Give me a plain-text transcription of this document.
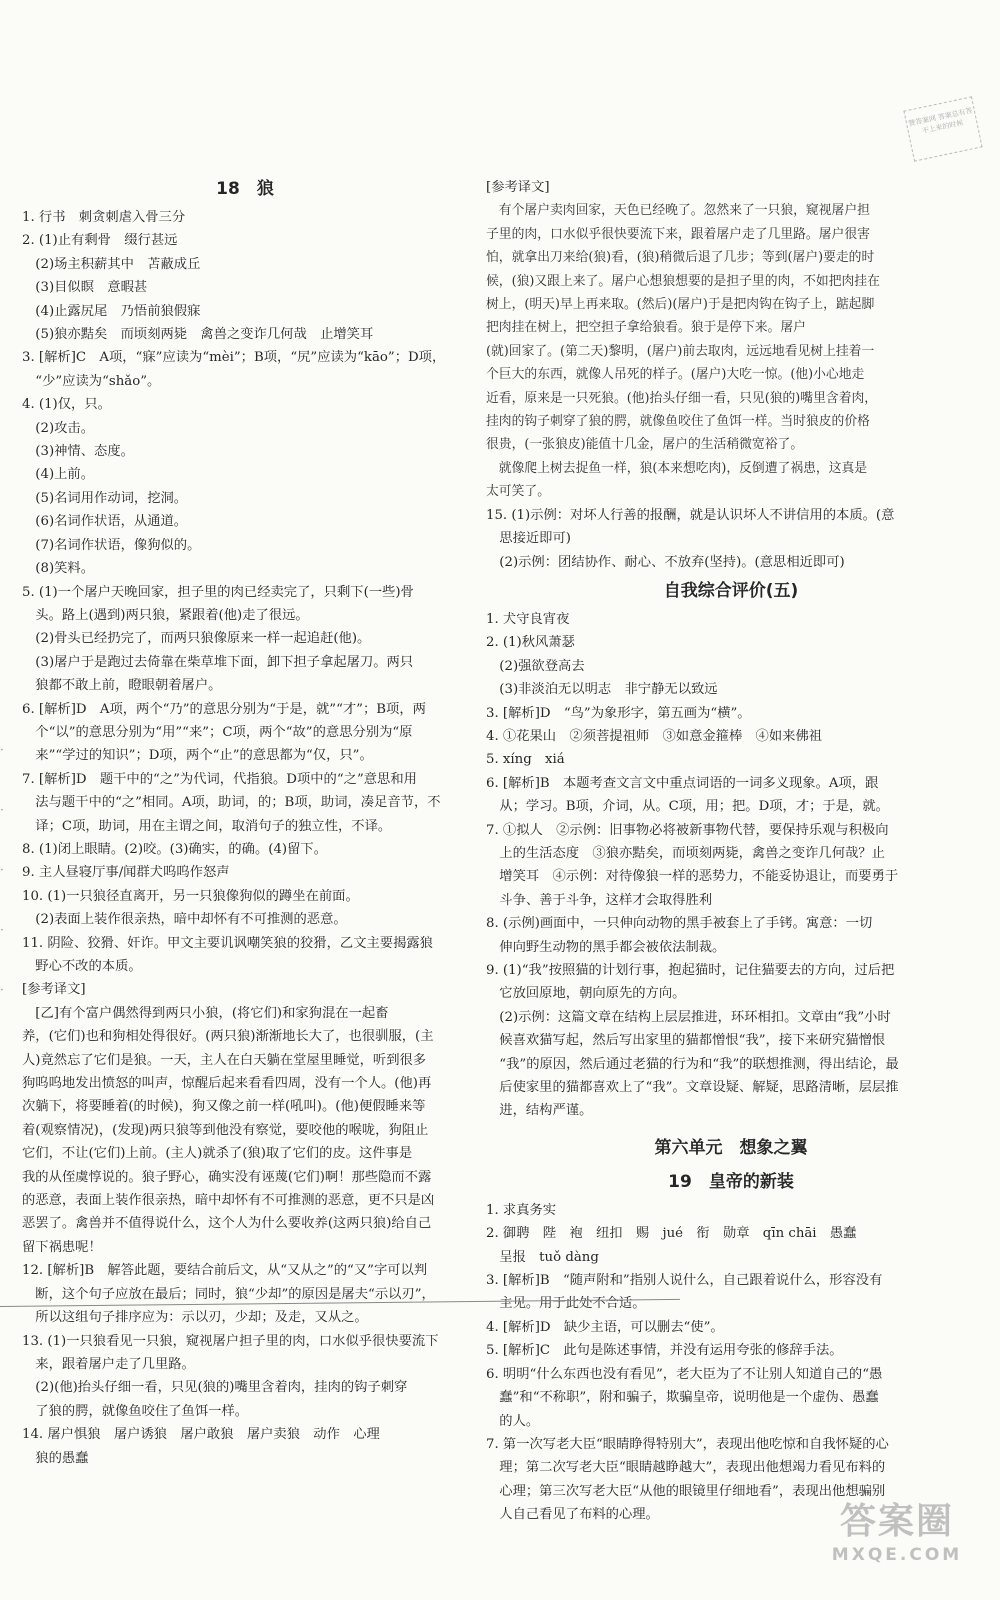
赞答案网 答案总有答不上来的时候
·
·
·
·
·
18　狼

1. 行书　刺贪刺虐入骨三分

2. (1)止有剩骨　缀行甚远

　(2)场主积薪其中　苫蔽成丘

　(3)目似瞑　意暇甚

　(4)止露尻尾　乃悟前狼假寐

　(5)狼亦黠矣　而顷刻两毙　禽兽之变诈几何哉　止增笑耳

3. [解析]C　A项，“寐”应读为“mèi”；B项，“尻”应读为“kāo”；D项，

　“少”应读为“shǎo”。

4. (1)仅，只。

　(2)攻击。

　(3)神情、态度。

　(4)上前。

　(5)名词用作动词，挖洞。

　(6)名词作状语，从通道。

　(7)名词作状语，像狗似的。

　(8)笑料。

5. (1)一个屠户天晚回家，担子里的肉已经卖完了，只剩下(一些)骨

　头。路上(遇到)两只狼，紧跟着(他)走了很远。

　(2)骨头已经扔完了，而两只狼像原来一样一起追赶(他)。

　(3)屠户于是跑过去倚靠在柴草堆下面，卸下担子拿起屠刀。两只

　狼都不敢上前，瞪眼朝着屠户。

6. [解析]D　A项，两个“乃”的意思分别为“于是，就”“才”；B项，两

　个“以”的意思分别为“用”“来”；C项，两个“故”的意思分别为“原

　来”“学过的知识”；D项，两个“止”的意思都为“仅，只”。

7. [解析]D　题干中的“之”为代词，代指狼。D项中的“之”意思和用

　法与题干中的“之”相同。A项，助词，的；B项，助词，凑足音节，不

　译；C项，助词，用在主谓之间，取消句子的独立性，不译。

8. (1)闭上眼睛。(2)咬。(3)确实，的确。(4)留下。

9. 主人昼寝厅事/闻群犬呜呜作怒声

10. (1)一只狼径直离开，另一只狼像狗似的蹲坐在前面。

　(2)表面上装作很亲热，暗中却怀有不可推测的恶意。

11. 阴险、狡猾、奸诈。甲文主要讥讽嘲笑狼的狡猾，乙文主要揭露狼

　野心不改的本质。

[参考译文]

　[乙]有个富户偶然得到两只小狼，(将它们)和家狗混在一起畜

养，(它们)也和狗相处得很好。(两只狼)渐渐地长大了，也很驯服，(主

人)竟然忘了它们是狼。一天，主人在白天躺在堂屋里睡觉，听到很多

狗呜呜地发出愤怒的叫声，惊醒后起来看看四周，没有一个人。(他)再

次躺下，将要睡着(的时候)，狗又像之前一样(吼叫)。(他)便假睡来等

着(观察情况)，(发现)两只狼等到他没有察觉，要咬他的喉咙，狗阻止

它们，不让(它们)上前。(主人)就杀了(狼)取了它们的皮。这件事是

我的从侄虞惇说的。狼子野心，确实没有诬蔑(它们)啊！那些隐而不露

的恶意，表面上装作很亲热，暗中却怀有不可推测的恶意，更不只是凶

恶罢了。禽兽并不值得说什么，这个人为什么要收养(这两只狼)给自己

留下祸患呢！

12. [解析]B　解答此题，要结合前后文，从“又从之”的“又”字可以判

　断，这个句子应放在最后；同时，狼“少却”的原因是屠夫“示以刃”，

　所以这组句子排序应为：示以刃，少却；及走，又从之。

13. (1)一只狼看见一只狼，窥视屠户担子里的肉，口水似乎很快要流下

　来，跟着屠户走了几里路。

　(2)(他)抬头仔细一看，只见(狼的)嘴里含着肉，挂肉的钩子刺穿

　了狼的腭，就像鱼咬住了鱼饵一样。

14. 屠户惧狼　屠户诱狼　屠户敢狼　屠户卖狼　动作　心理

　狼的愚蠢

[参考译文]

　有个屠户卖肉回家，天色已经晚了。忽然来了一只狼，窥视屠户担

子里的肉，口水似乎很快要流下来，跟着屠户走了几里路。屠户很害

怕，就拿出刀来给(狼)看，(狼)稍微后退了几步；等到(屠户)要走的时

候，(狼)又跟上来了。屠户心想狼想要的是担子里的肉，不如把肉挂在

树上，(明天)早上再来取。(然后)(屠户)于是把肉钩在钩子上，踮起脚

把肉挂在树上，把空担子拿给狼看。狼于是停下来。屠户

(就)回家了。(第二天)黎明，(屠户)前去取肉，远远地看见树上挂着一

个巨大的东西，就像人吊死的样子。(屠户)大吃一惊。(他)小心地走

近看，原来是一只死狼。(他)抬头仔细一看，只见(狼的)嘴里含着肉，

挂肉的钩子刺穿了狼的腭，就像鱼咬住了鱼饵一样。当时狼皮的价格

很贵，(一张狼皮)能值十几金，屠户的生活稍微宽裕了。

　就像爬上树去捉鱼一样，狼(本来想吃肉)，反倒遭了祸患，这真是

太可笑了。

15. (1)示例：对坏人行善的报酬，就是认识坏人不讲信用的本质。(意

　思接近即可)

　(2)示例：团结协作、耐心、不放弃(坚持)。(意思相近即可)

自我综合评价(五)

1. 犬守良宵夜

2. (1)秋风萧瑟

　(2)强欲登高去

　(3)非淡泊无以明志　非宁静无以致远

3. [解析]D　“鸟”为象形字，第五画为“横”。

4. ①花果山　②须菩提祖师　③如意金箍棒　④如来佛祖

5. xíng　xiá

6. [解析]B　本题考查文言文中重点词语的一词多义现象。A项，跟

　从；学习。B项，介词，从。C项，用；把。D项，才；于是，就。

7. ①拟人　②示例：旧事物必将被新事物代替，要保持乐观与积极向

　上的生活态度　③狼亦黠矣，而顷刻两毙，禽兽之变诈几何哉？止

　增笑耳　④示例：对待像狼一样的恶势力，不能妥协退让，而要勇于

　斗争、善于斗争，这样才会取得胜利

8. (示例)画面中，一只伸向动物的黑手被套上了手铐。寓意：一切

　伸向野生动物的黑手都会被依法制裁。

9. (1)“我”按照猫的计划行事，抱起猫时，记住猫要去的方向，过后把

　它放回原地，朝向原先的方向。

　(2)示例：这篇文章在结构上层层推进，环环相扣。文章由“我”小时

　候喜欢猫写起，然后写出家里的猫都憎恨“我”，接下来研究猫憎恨

　“我”的原因，然后通过老猫的行为和“我”的联想推测，得出结论，最

　后使家里的猫都喜欢上了“我”。文章设疑、解疑，思路清晰，层层推

　进，结构严谨。

第六单元　想象之翼
19　皇帝的新装

1. 求真务实

2. 御聘　陛　袍　纽扣　赐　jué　衔　勋章　qīn chāi　愚蠢

　呈报　tuǒ dàng

3. [解析]B　“随声附和”指别人说什么，自己跟着说什么，形容没有

　主见。用于此处不合适。

4. [解析]D　缺少主语，可以删去“使”。

5. [解析]C　此句是陈述事情，并没有运用夸张的修辞手法。

6. 明明“什么东西也没有看见”，老大臣为了不让别人知道自己的“愚

　蠢”和“不称职”，附和骗子，欺骗皇帝，说明他是一个虚伪、愚蠢

　的人。

7. 第一次写老大臣“眼睛睁得特别大”，表现出他吃惊和自我怀疑的心

　理；第二次写老大臣“眼睛越睁越大”，表现出他想竭力看见布料的

　心理；第三次写老大臣“从他的眼镜里仔细地看”，表现出他想骗别

　人自己看见了布料的心理。	答案圈
MXQE.COM
